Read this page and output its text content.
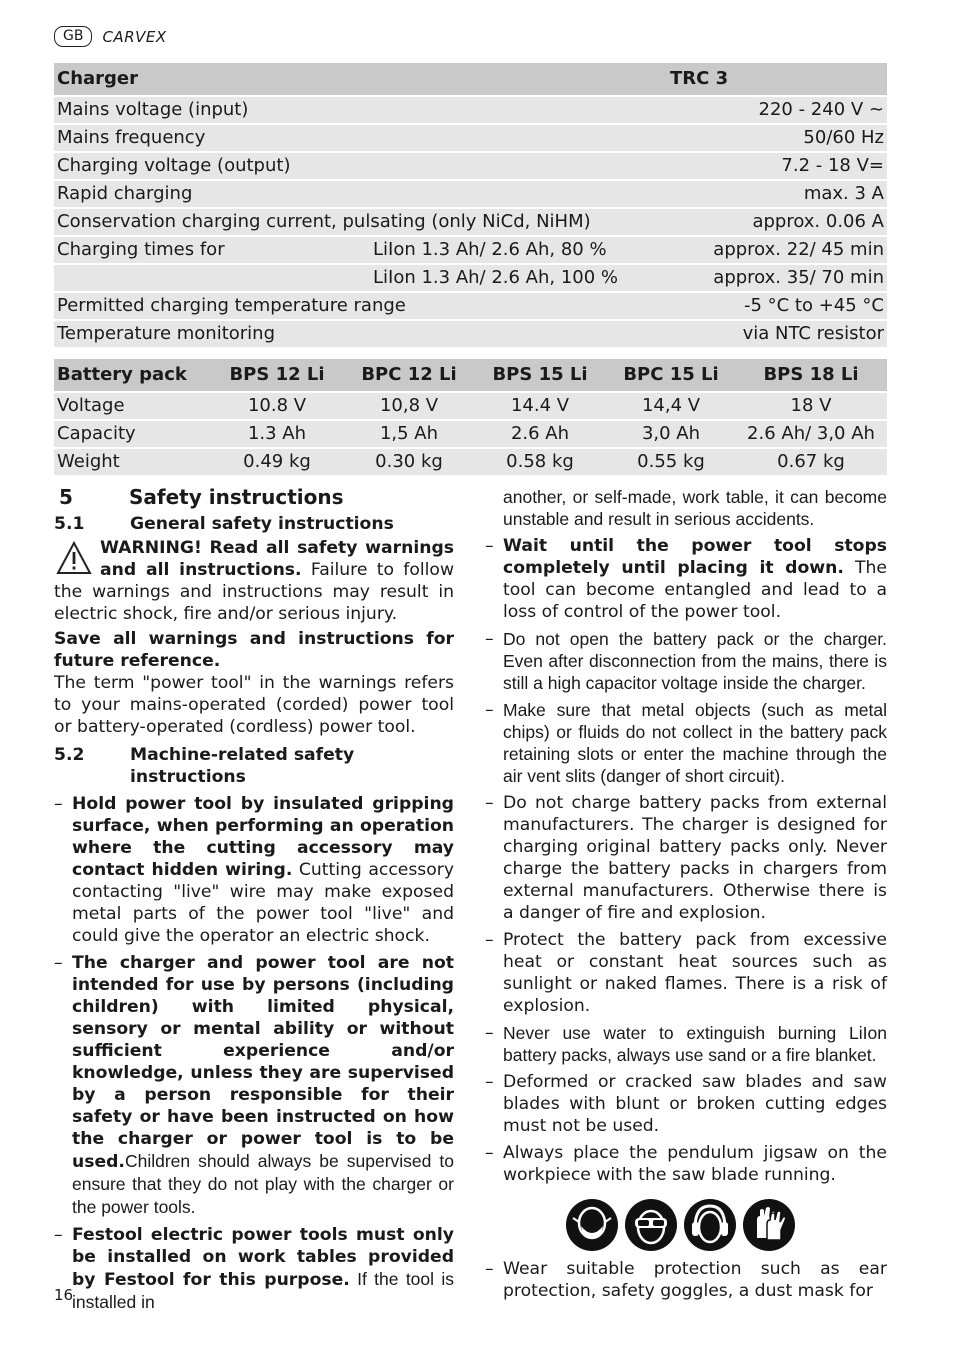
GB	CARVEX
Charger		TRC 3
Mains voltage (input)		220 - 240 V ~
Mains frequency		50/60 Hz
Charging voltage (output)		7.2 - 18 V=
Rapid charging		max. 3 A
Conservation charging current, pulsating (only NiCd, NiHM)		approx. 0.06 A
Charging times for	LiIon 1.3 Ah/ 2.6 Ah, 80 %	approx. 22/ 45 min
	LiIon 1.3 Ah/ 2.6 Ah, 100 %	approx. 35/ 70 min
Permitted charging temperature range		-5 °C to +45 °C
Temperature monitoring		via NTC resistor
Battery pack	BPS 12 Li	BPC 12 Li	BPS 15 Li	BPC 15 Li	BPS 18 Li
Voltage	10.8 V	10,8 V	14.4 V	14,4 V	18 V
Capacity	1.3 Ah	1,5 Ah	2.6 Ah	3,0 Ah	2.6 Ah/ 3,0 Ah
Weight	0.49 kg	0.30 kg	0.58 kg	0.55 kg	0.67 kg
5	Safety instructions
5.1	General safety instructions

WARNING! Read all safety warnings and all instructions. Failure to follow the warnings and instructions may result in electric shock, fire and/or serious injury.

Save all warnings and instructions for future reference.

The term "power tool" in the warnings refers to your mains-operated (corded) power tool or battery-operated (cordless) power tool.

5.2	Machine-related safety instructions
– Hold power tool by insulated gripping surface, when performing an operation where the cutting accessory may contact hidden wiring. Cutting accessory contacting "live" wire may make exposed metal parts of the power tool "live" and could give the operator an electric shock.
– The charger and power tool are not intended for use by persons (including children) with limited physical, sensory or mental ability or without sufficient experience and/or knowledge, unless they are supervised by a person responsible for their safety or have been instructed on how the charger or power tool is to be used.Children should always be supervised to ensure that they do not play with the charger or the power tools.
– Festool electric power tools must only be installed on work tables provided by Festool for this purpose. If the tool is installed in
another, or self-made, work table, it can become unstable and result in serious accidents.
– Wait until the power tool stops completely until placing it down. The tool can become entangled and lead to a loss of control of the power tool.
– Do not open the battery pack or the charger. Even after disconnection from the mains, there is still a high capacitor voltage inside the charger.
– Make sure that metal objects (such as metal chips) or fluids do not collect in the battery pack retaining slots or enter the machine through the air vent slits (danger of short circuit).
– Do not charge battery packs from external manufacturers. The charger is designed for charging original battery packs only. Never charge the battery packs in chargers from external manufacturers. Otherwise there is a danger of fire and explosion.
– Protect the battery pack from excessive heat or constant heat sources such as sunlight or naked flames. There is a risk of explosion.
– Never use water to extinguish burning LiIon battery packs, always use sand or a fire blanket.
– Deformed or cracked saw blades and saw blades with blunt or broken cutting edges must not be used.
– Always place the pendulum jigsaw on the workpiece with the saw blade running.
– Wear suitable protection such as ear protection, safety goggles, a dust mask for
16
